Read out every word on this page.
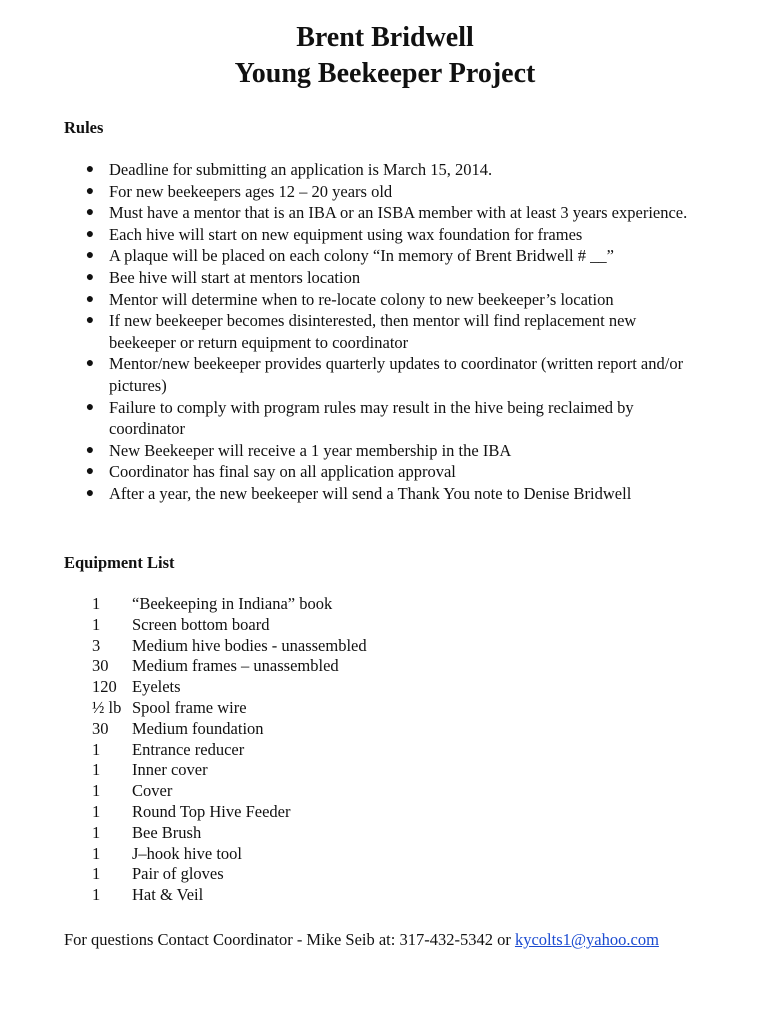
Brent Bridwell
Young Beekeeper Project
Rules
● Deadline for submitting an application is March 15, 2014.
● For new beekeepers ages 12 – 20 years old
● Must have a mentor that is an IBA or an ISBA member with at least 3 years experience.
● Each hive will start on new equipment using wax foundation for frames
● A plaque will be placed on each colony “In memory of Brent Bridwell # __”
● Bee hive will start at mentors location
● Mentor will determine when to re-locate colony to new beekeeper’s location
● If new beekeeper becomes disinterested, then mentor will find replacement new beekeeper or return equipment to coordinator
● Mentor/new beekeeper provides quarterly updates to coordinator (written report and/or pictures)
● Failure to comply with program rules may result in the hive being reclaimed by coordinator
● New Beekeeper will receive a 1 year membership in the IBA
● Coordinator has final say on all application approval
● After a year, the new beekeeper will send a Thank You note to Denise Bridwell
Equipment List
1	“Beekeeping in Indiana” book
1	Screen bottom board
3	Medium hive bodies - unassembled
30	Medium frames – unassembled
120 Eyelets
½ lb Spool frame wire
30	Medium foundation
1	Entrance reducer
1	Inner cover
1	Cover
1	Round Top Hive Feeder
1	Bee Brush
1	J–hook hive tool
1	Pair of gloves
1	Hat & Veil
For questions Contact Coordinator - Mike Seib at: 317-432-5342 or kycolts1@yahoo.com
